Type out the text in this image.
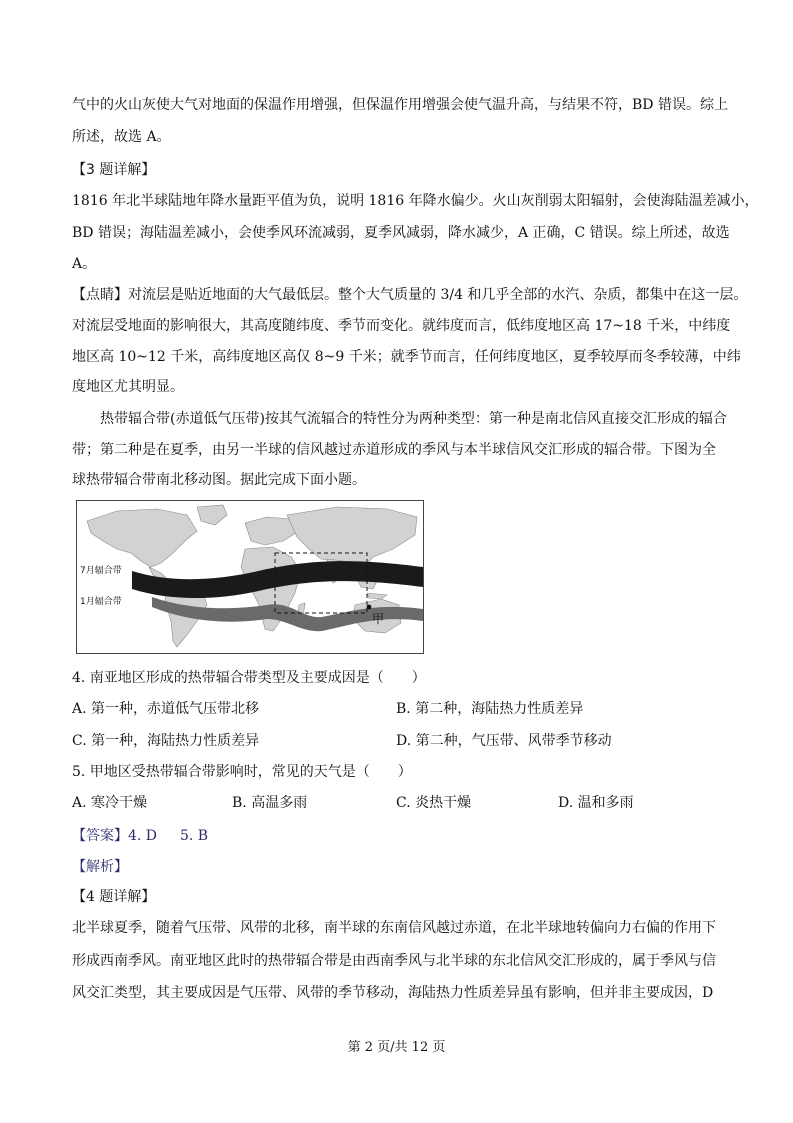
气中的火山灰使大气对地面的保温作用增强，但保温作用增强会使气温升高，与结果不符，BD 错误。综上
所述，故选 A。
【3 题详解】
1816 年北半球陆地年降水量距平值为负，说明 1816 年降水偏少。火山灰削弱太阳辐射，会使海陆温差减小，
BD 错误；海陆温差减小，会使季风环流减弱，夏季风减弱，降水减少，A 正确，C 错误。综上所述，故选
A。
【点睛】对流层是贴近地面的大气最低层。整个大气质量的 3/4 和几乎全部的水汽、杂质，都集中在这一层。
对流层受地面的影响很大，其高度随纬度、季节而变化。就纬度而言，低纬度地区高 17~18 千米，中纬度
地区高 10~12 千米，高纬度地区高仅 8~9 千米；就季节而言，任何纬度地区，夏季较厚而冬季较薄，中纬
度地区尤其明显。
热带辐合带(赤道低气压带)按其气流辐合的特性分为两种类型：第一种是南北信风直接交汇形成的辐合
带；第二种是在夏季，由另一半球的信风越过赤道形成的季风与本半球信风交汇形成的辐合带。下图为全
球热带辐合带南北移动图。据此完成下面小题。
甲
7月辐合带
1月辐合带
4. 南亚地区形成的热带辐合带类型及主要成因是（　　）
A. 第一种，赤道低气压带北移	B. 第二种，海陆热力性质差异
C. 第一种，海陆热力性质差异	D. 第二种，气压带、风带季节移动
5. 甲地区受热带辐合带影响时，常见的天气是（　　）
A. 寒冷干燥	B. 高温多雨	C. 炎热干燥	D. 温和多雨
【答案】 4. D 5. B
【解析】
【4 题详解】
北半球夏季，随着气压带、风带的北移，南半球的东南信风越过赤道，在北半球地转偏向力右偏的作用下
形成西南季风。南亚地区此时的热带辐合带是由西南季风与北半球的东北信风交汇形成的，属于季风与信
风交汇类型，其主要成因是气压带、风带的季节移动，海陆热力性质差异虽有影响，但并非主要成因，D
第 2 页/共 12 页
